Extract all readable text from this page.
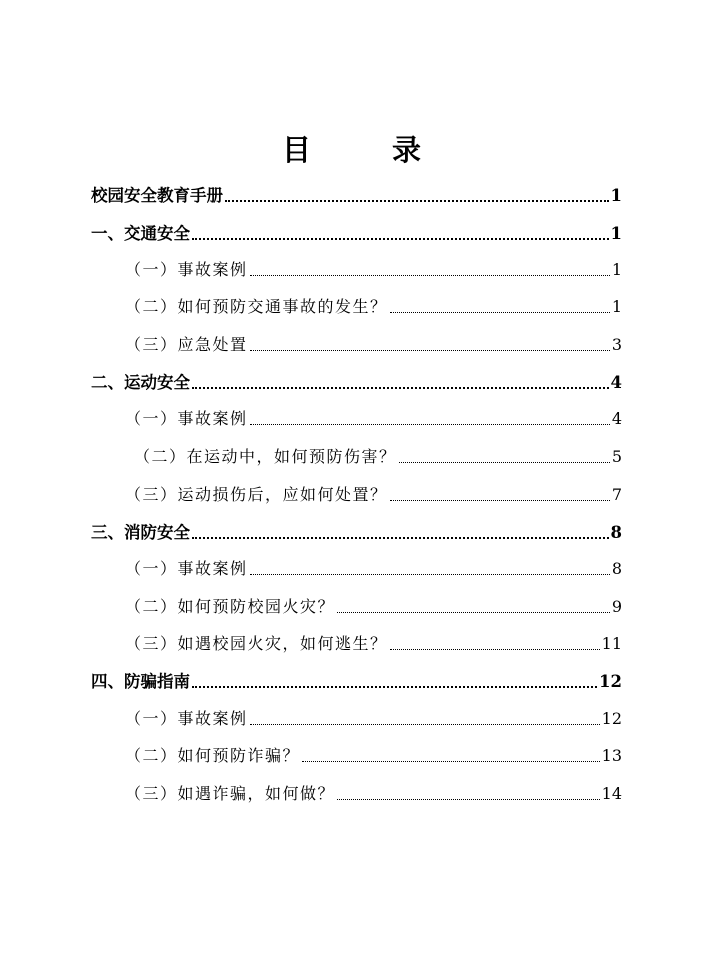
目　录
校园安全教育手册	1
一、交通安全	1
（一）事故案例	1
（二）如何预防交通事故的发生？	1
（三）应急处置	3
二、运动安全	4
（一）事故案例	4
（二）在运动中，如何预防伤害？	5
（三）运动损伤后，应如何处置？	7
三、消防安全	8
（一）事故案例	8
（二）如何预防校园火灾？	9
（三）如遇校园火灾，如何逃生？	11
四、防骗指南	12
（一）事故案例	12
（二）如何预防诈骗？	13
（三）如遇诈骗，如何做？	14
